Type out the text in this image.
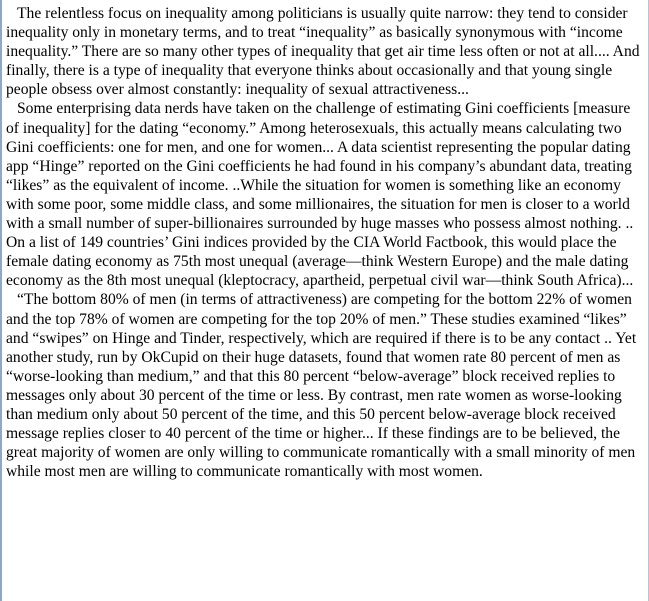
The relentless focus on inequality among politicians is usually quite narrow: they tend to consider inequality only in monetary terms, and to treat “inequality” as basically synonymous with “income inequality.” There are so many other types of inequality that get air time less often or not at all.... And finally, there is a type of inequality that everyone thinks about occasionally and that young single people obsess over almost constantly: inequality of sexual attractiveness...

Some enterprising data nerds have taken on the challenge of estimating Gini coefficients [measure of inequality] for the dating “economy.” Among heterosexuals, this actually means calculating two Gini coefficients: one for men, and one for women... A data scientist representing the popular dating app “Hinge” reported on the Gini coefficients he had found in his company’s abundant data, treating “likes” as the equivalent of income. ..While the situation for women is something like an economy with some poor, some middle class, and some millionaires, the situation for men is closer to a world with a small number of super-billionaires surrounded by huge masses who possess almost nothing. .. On a list of 149 countries’ Gini indices provided by the CIA World Factbook, this would place the female dating economy as 75th most unequal (average—think Western Europe) and the male dating economy as the 8th most unequal (kleptocracy, apartheid, perpetual civil war—think South Africa)...

“The bottom 80% of men (in terms of attractiveness) are competing for the bottom 22% of women and the top 78% of women are competing for the top 20% of men.” These studies examined “likes” and “swipes” on Hinge and Tinder, respectively, which are required if there is to be any contact .. Yet another study, run by OkCupid on their huge datasets, found that women rate 80 percent of men as “worse-looking than medium,” and that this 80 percent “below-average” block received replies to messages only about 30 percent of the time or less. By contrast, men rate women as worse-looking than medium only about 50 percent of the time, and this 50 percent below-average block received message replies closer to 40 percent of the time or higher... If these findings are to be believed, the great majority of women are only willing to communicate romantically with a small minority of men while most men are willing to communicate romantically with most women.
